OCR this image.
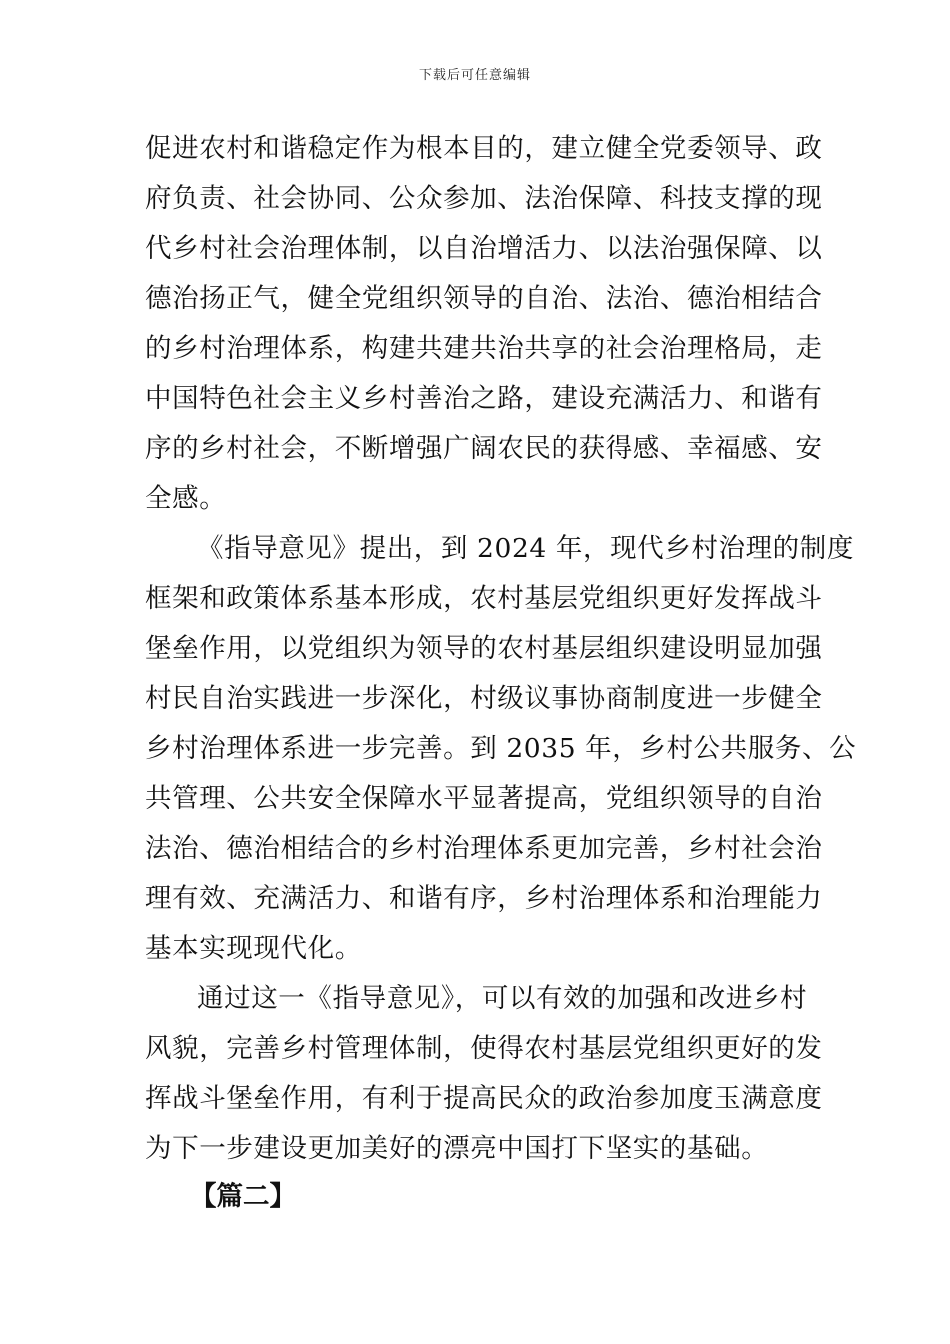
下载后可任意编辑
促进农村和谐稳定作为根本目的，建立健全党委领导、政
府负责、社会协同、公众参加、法治保障、科技支撑的现
代乡村社会治理体制，以自治增活力、以法治强保障、以
德治扬正气，健全党组织领导的自治、法治、德治相结合
的乡村治理体系，构建共建共治共享的社会治理格局，走
中国特色社会主义乡村善治之路，建设充满活力、和谐有
序的乡村社会，不断增强广阔农民的获得感、幸福感、安
全感。
《指导意见》提出，到 2024 年，现代乡村治理的制度
框架和政策体系基本形成，农村基层党组织更好发挥战斗
堡垒作用，以党组织为领导的农村基层组织建设明显加强
村民自治实践进一步深化，村级议事协商制度进一步健全
乡村治理体系进一步完善。到 2035 年，乡村公共服务、公
共管理、公共安全保障水平显著提高，党组织领导的自治
法治、德治相结合的乡村治理体系更加完善，乡村社会治
理有效、充满活力、和谐有序，乡村治理体系和治理能力
基本实现现代化。
通过这一《指导意见》，可以有效的加强和改进乡村
风貌，完善乡村管理体制，使得农村基层党组织更好的发
挥战斗堡垒作用，有利于提高民众的政治参加度玉满意度
为下一步建设更加美好的漂亮中国打下坚实的基础。
【篇二】
